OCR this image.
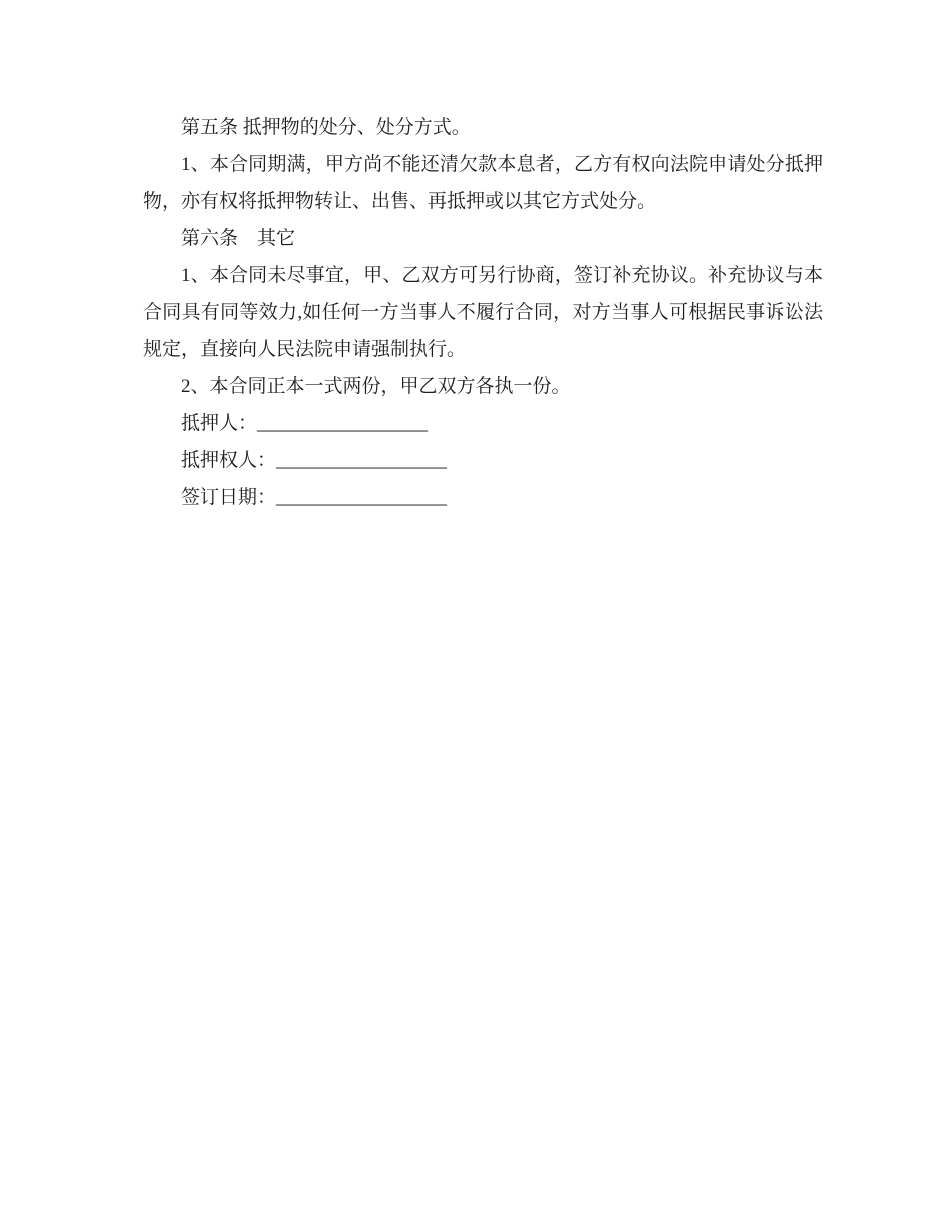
第五条 抵押物的处分、处分方式。

1、本合同期满，甲方尚不能还清欠款本息者，乙方有权向法院申请处分抵押物，亦有权将抵押物转让、出售、再抵押或以其它方式处分。

第六条　其它

1、本合同未尽事宜，甲、乙双方可另行协商，签订补充协议。补充协议与本合同具有同等效力,如任何一方当事人不履行合同，对方当事人可根据民事诉讼法规定，直接向人民法院申请强制执行。

2、本合同正本一式两份，甲乙双方各执一份。

抵押人：__________________

抵押权人：__________________

签订日期：__________________
